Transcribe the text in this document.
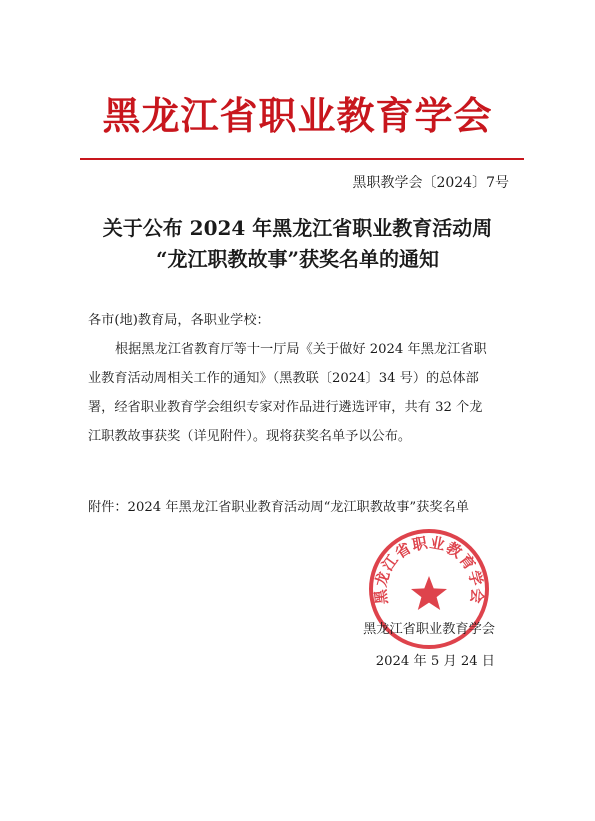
黑龙江省职业教育学会
黑职教学会〔2024〕7号
关于公布 2024 年黑龙江省职业教育活动周
“龙江职教故事”获奖名单的通知
各市(地)教育局，各职业学校：
根据黑龙江省教育厅等十一厅局《关于做好 2024 年黑龙江省职
业教育活动周相关工作的通知》（黑教联〔2024〕34 号）的总体部
署，经省职业教育学会组织专家对作品进行遴选评审，共有 32 个龙
江职教故事获奖（详见附件）。现将获奖名单予以公布。
附件：2024 年黑龙江省职业教育活动周“龙江职教故事”获奖名单
黑龙江省职业教育学会
黑龙江省职业教育学会
2024 年 5 月 24 日
